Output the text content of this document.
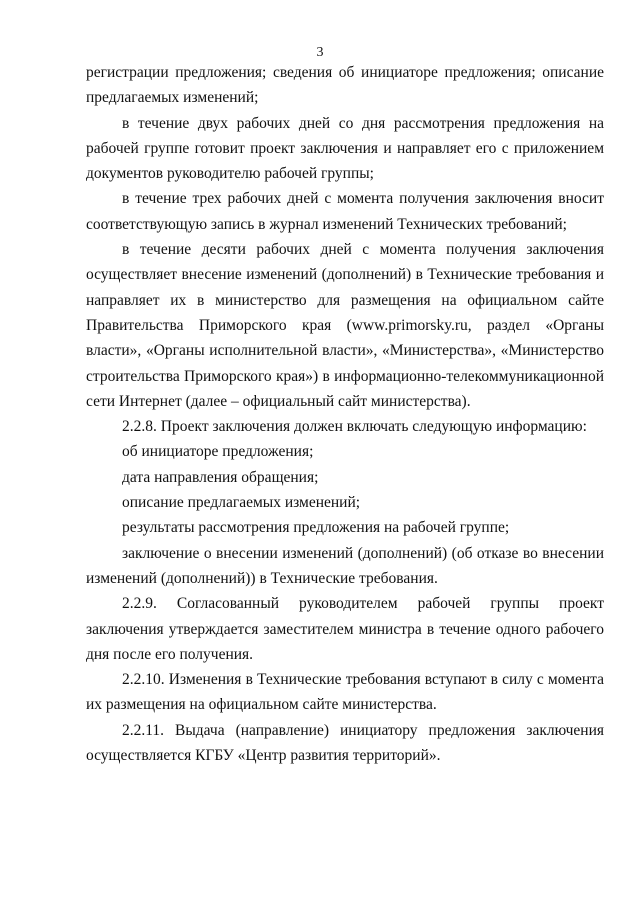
3

регистрации предложения; сведения об инициаторе предложения; описание предлагаемых изменений;

в течение двух рабочих дней со дня рассмотрения предложения на рабочей группе готовит проект заключения и направляет его с приложением документов руководителю рабочей группы;

в течение трех рабочих дней с момента получения заключения вносит соответствующую запись в журнал изменений Технических требований;

в течение десяти рабочих дней с момента получения заключения осуществляет внесение изменений (дополнений) в Технические требования и направляет их в министерство для размещения на официальном сайте Правительства Приморского края (www.primorsky.ru, раздел «Органы власти», «Органы исполнительной власти», «Министерства», «Министерство строительства Приморского края») в информационно-телекоммуникационной сети Интернет (далее – официальный сайт министерства).

2.2.8. Проект заключения должен включать следующую информацию:

об инициаторе предложения;

дата направления обращения;

описание предлагаемых изменений;

результаты рассмотрения предложения на рабочей группе;

заключение о внесении изменений (дополнений) (об отказе во внесении изменений (дополнений)) в Технические требования.

2.2.9. Согласованный руководителем рабочей группы проект заключения утверждается заместителем министра в течение одного рабочего дня после его получения.

2.2.10. Изменения в Технические требования вступают в силу с момента их размещения на официальном сайте министерства.

2.2.11. Выдача (направление) инициатору предложения заключения осуществляется КГБУ «Центр развития территорий».
